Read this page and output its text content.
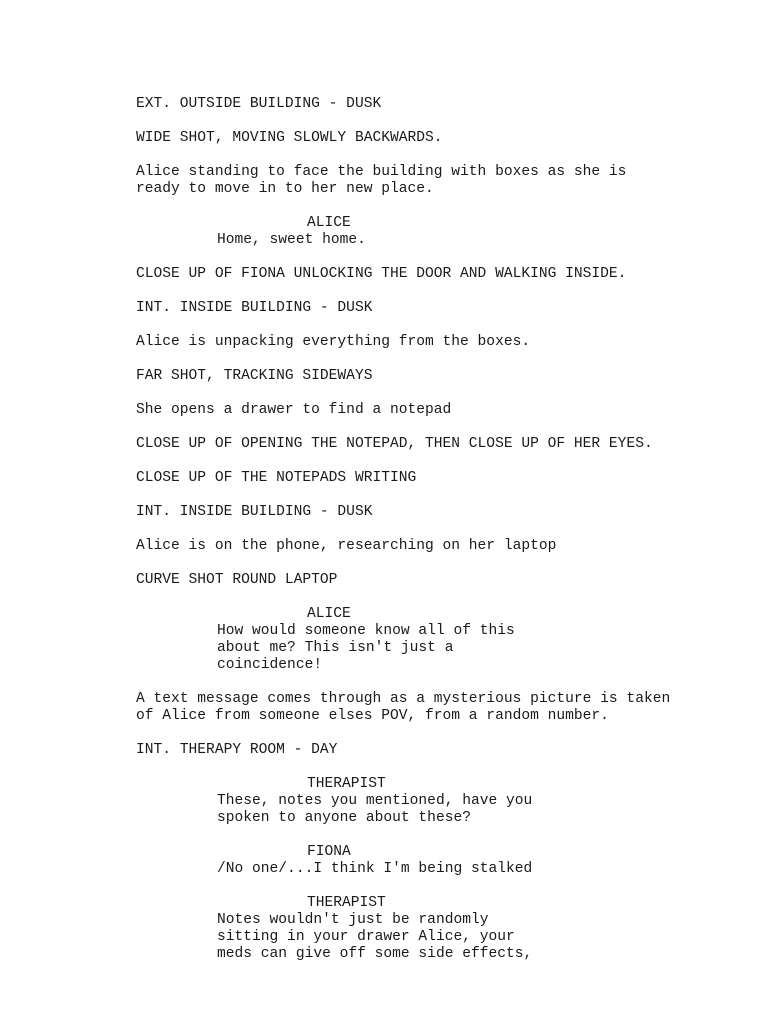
EXT. OUTSIDE BUILDING - DUSK

WIDE SHOT, MOVING SLOWLY BACKWARDS.

Alice standing to face the building with boxes as she is
ready to move in to her new place.

ALICE

Home, sweet home.

CLOSE UP OF FIONA UNLOCKING THE DOOR AND WALKING INSIDE.

INT. INSIDE BUILDING - DUSK

Alice is unpacking everything from the boxes.

FAR SHOT, TRACKING SIDEWAYS

She opens a drawer to find a notepad

CLOSE UP OF OPENING THE NOTEPAD, THEN CLOSE UP OF HER EYES.

CLOSE UP OF THE NOTEPADS WRITING

INT. INSIDE BUILDING - DUSK

Alice is on the phone, researching on her laptop

CURVE SHOT ROUND LAPTOP

ALICE

How would someone know all of this
about me? This isn't just a
coincidence!

A text message comes through as a mysterious picture is taken
of Alice from someone elses POV, from a random number.

INT. THERAPY ROOM - DAY

THERAPIST

These, notes you mentioned, have you
spoken to anyone about these?

FIONA

/No one/...I think I'm being stalked

THERAPIST

Notes wouldn't just be randomly
sitting in your drawer Alice, your
meds can give off some side effects,
